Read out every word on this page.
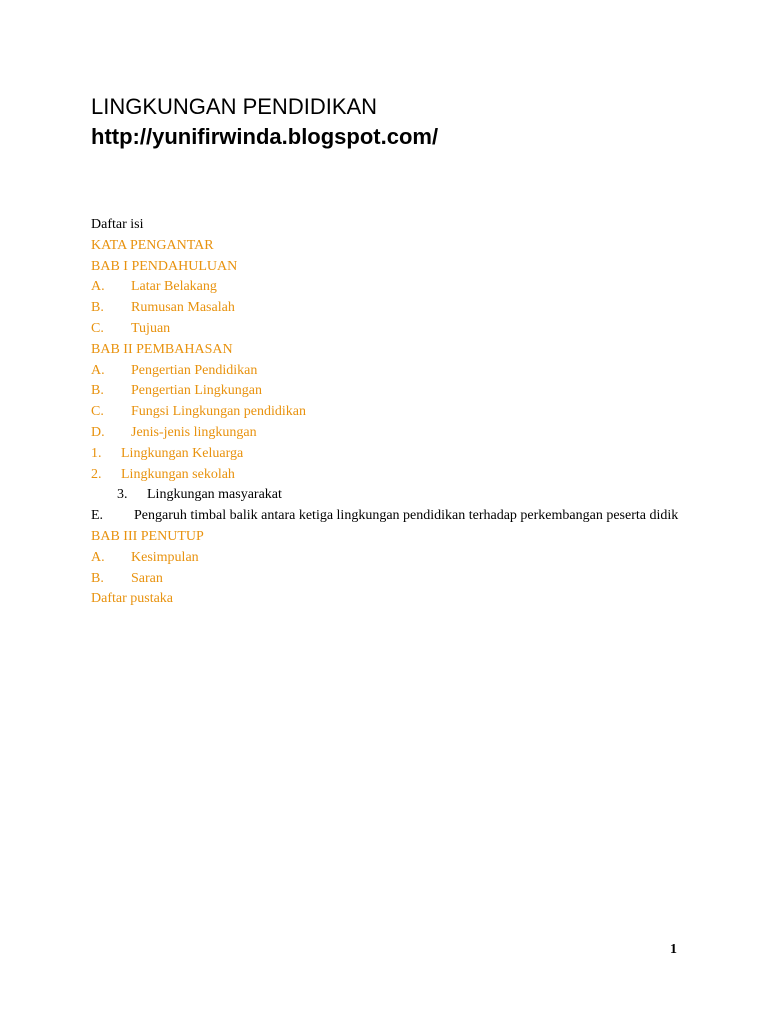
LINGKUNGAN PENDIDIKAN
http://yunifirwinda.blogspot.com/
Daftar isi
KATA PENGANTAR
BAB I PENDAHULUAN
A. Latar Belakang
B. Rumusan Masalah
C. Tujuan
BAB II PEMBAHASAN
A. Pengertian Pendidikan
B. Pengertian Lingkungan
C. Fungsi Lingkungan pendidikan
D. Jenis-jenis lingkungan
1. Lingkungan Keluarga
2. Lingkungan sekolah
3. Lingkungan masyarakat
E. Pengaruh timbal balik antara ketiga lingkungan pendidikan terhadap perkembangan peserta didik
BAB III PENUTUP
A. Kesimpulan
B. Saran
Daftar pustaka
1
